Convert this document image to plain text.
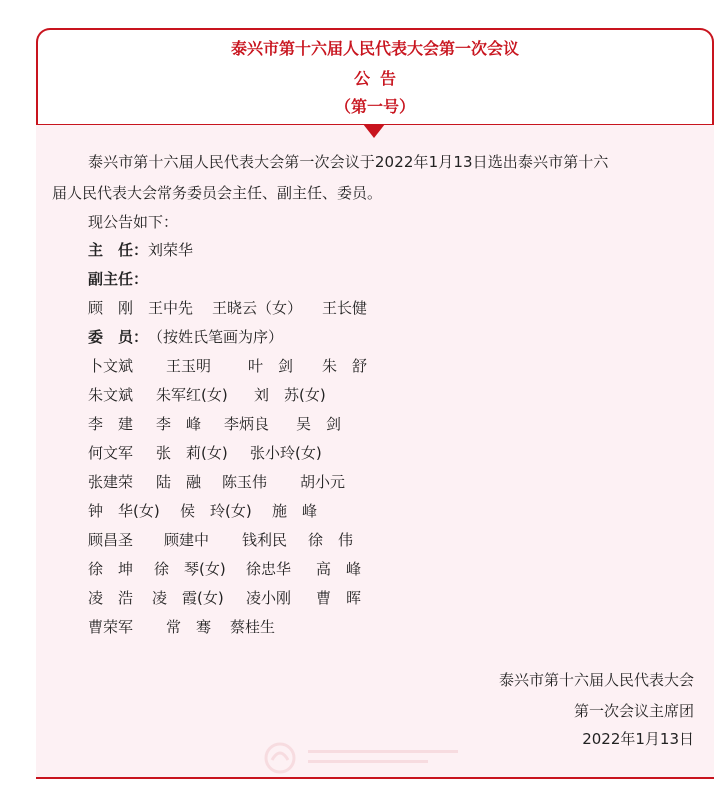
泰兴市第十六届人民代表大会第一次会议
公告
（第一号）
泰兴市第十六届人民代表大会第一次会议于2022年1月13日选出泰兴市第十六
届人民代表大会常务委员会主任、副主任、委员。
现公告如下：
主　任：刘荣华
副主任：
顾　刚 王中先 王晓云（女） 王长健
委　员：（按姓氏笔画为序）
卜文斌 王玉明 叶　剑 朱　舒
朱文斌 朱军红(女) 刘　苏(女)
李　建 李　峰 李炳良 吴　剑
何文军 张　莉(女) 张小玲(女)
张建荣 陆　融 陈玉伟 胡小元
钟　华(女) 侯　玲(女) 施　峰
顾昌圣 顾建中 钱利民 徐　伟
徐　坤 徐　琴(女) 徐忠华 高　峰
凌　浩 凌　霞(女) 凌小刚 曹　晖
曹荣军 常　骞 蔡桂生
泰兴市第十六届人民代表大会
第一次会议主席团
2022年1月13日
